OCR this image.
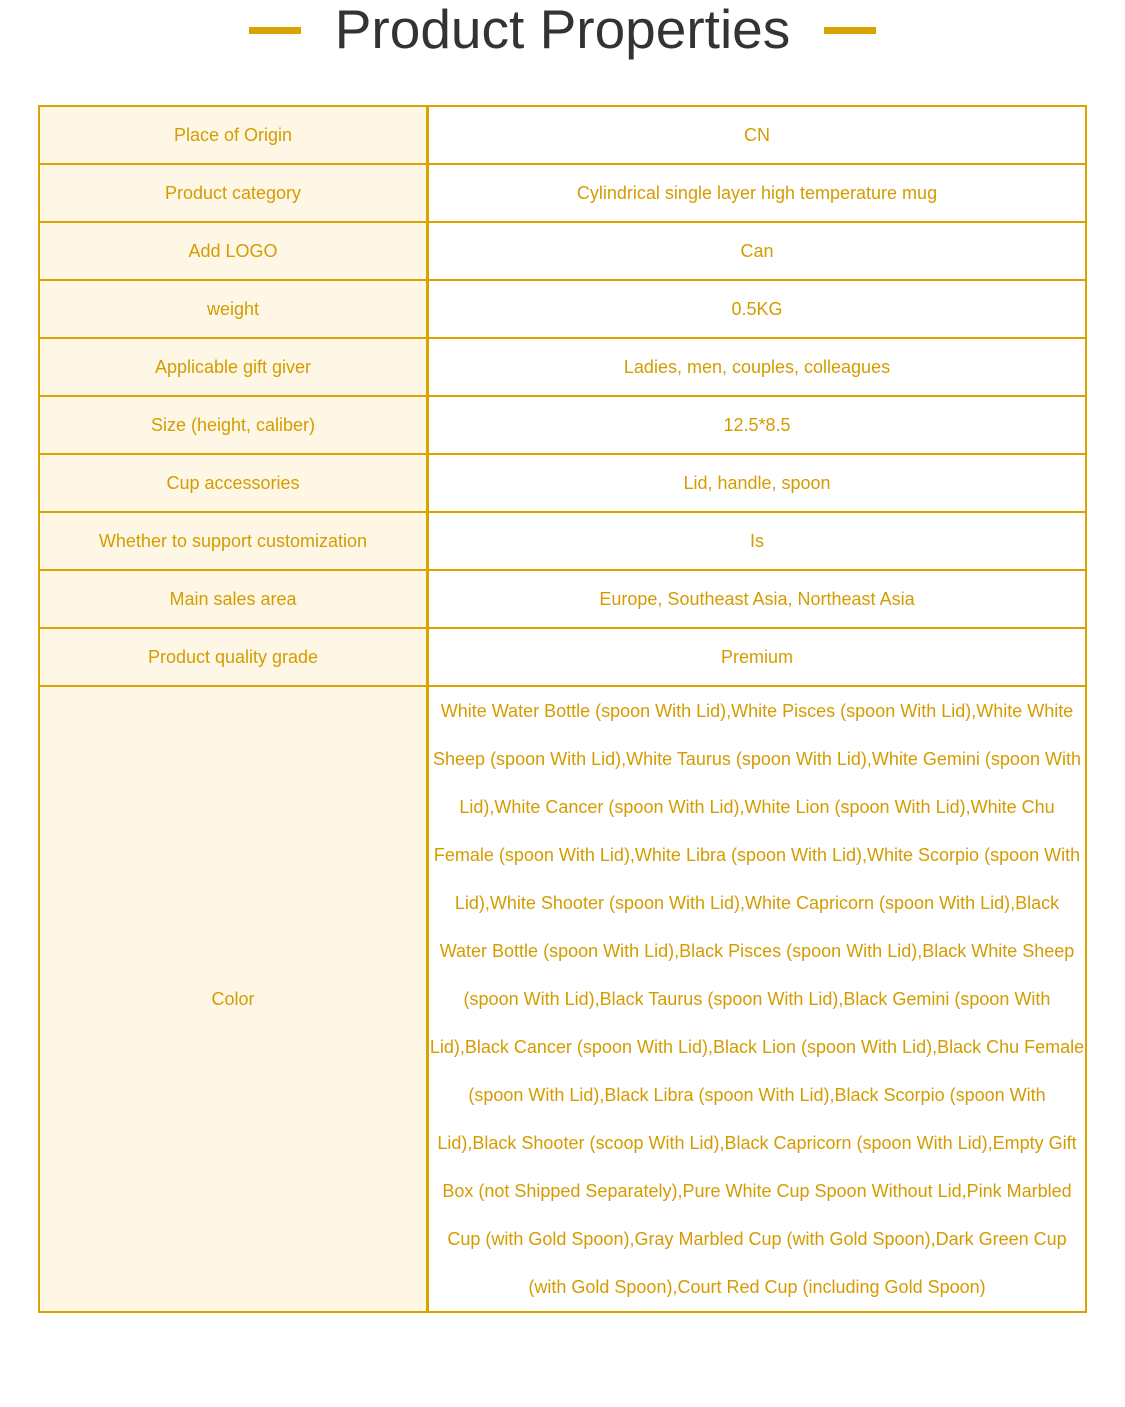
Product Properties
Place of Origin	CN
Product category	Cylindrical single layer high temperature mug
Add LOGO	Can
weight	0.5KG
Applicable gift giver	Ladies, men, couples, colleagues
Size (height, caliber)	12.5*8.5
Cup accessories	Lid, handle, spoon
Whether to support customization	Is
Main sales area	Europe, Southeast Asia, Northeast Asia
Product quality grade	Premium
Color	White Water Bottle (spoon With Lid),White Pisces (spoon With Lid),White White Sheep (spoon With Lid),White Taurus (spoon With Lid),White Gemini (spoon With Lid),White Cancer (spoon With Lid),White Lion (spoon With Lid),White Chu Female (spoon With Lid),White Libra (spoon With Lid),White Scorpio (spoon With Lid),White Shooter (spoon With Lid),White Capricorn (spoon With Lid),Black Water Bottle (spoon With Lid),Black Pisces (spoon With Lid),Black White Sheep (spoon With Lid),Black Taurus (spoon With Lid),Black Gemini (spoon With Lid),Black Cancer (spoon With Lid),Black Lion (spoon With Lid),Black Chu Female (spoon With Lid),Black Libra (spoon With Lid),Black Scorpio (spoon With Lid),Black Shooter (scoop With Lid),Black Capricorn (spoon With Lid),Empty Gift Box (not Shipped Separately),Pure White Cup Spoon Without Lid,Pink Marbled Cup (with Gold Spoon),Gray Marbled Cup (with Gold Spoon),Dark Green Cup (with Gold Spoon),Court Red Cup (including Gold Spoon)
